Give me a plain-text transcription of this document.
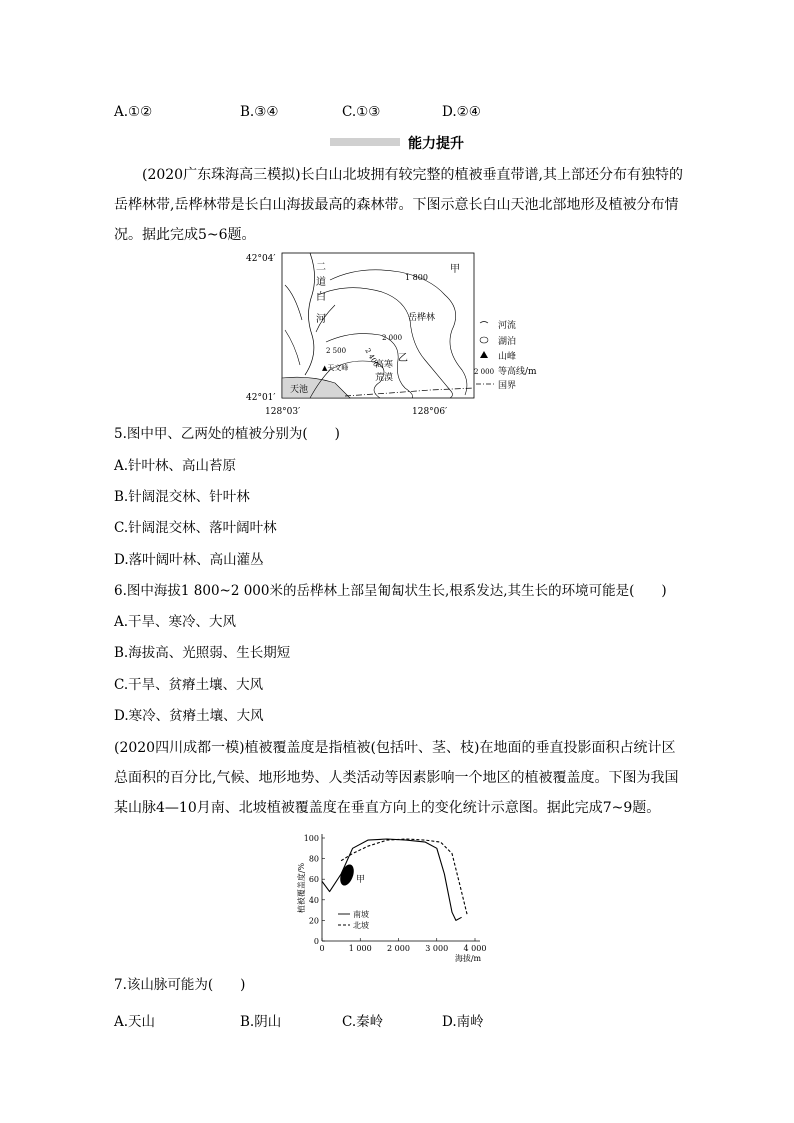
A.①②	B.③④	C.①③	D.②④
能力提升
(2020广东珠海高三模拟)长白山北坡拥有较完整的植被垂直带谱,其上部还分布有独特的岳桦林带,岳桦林带是长白山海拔最高的森林带。下图示意长白山天池北部地形及植被分布情况。据此完成5~6题。
42°04′
42°01′
128°03′	128°06′
二
道
白
河
1 800
甲
岳桦林
2 000
2 400
2 500
乙
▲天文峰	高寒
荒漠
天池
河流
湖泊
山峰
2 000 等高线/m
国界
5.图中甲、乙两处的植被分别为(　　)
A.针叶林、高山苔原
B.针阔混交林、针叶林
C.针阔混交林、落叶阔叶林
D.落叶阔叶林、高山灌丛
6.图中海拔1 800~2 000米的岳桦林上部呈匍匐状生长,根系发达,其生长的环境可能是(　　)
A.干旱、寒冷、大风
B.海拔高、光照弱、生长期短
C.干旱、贫瘠土壤、大风
D.寒冷、贫瘠土壤、大风
(2020四川成都一模)植被覆盖度是指植被(包括叶、茎、枝)在地面的垂直投影面积占统计区总面积的百分比,气候、地形地势、人类活动等因素影响一个地区的植被覆盖度。下图为我国某山脉4—10月南、北坡植被覆盖度在垂直方向上的变化统计示意图。据此完成7~9题。
0	1 000 2 000 3 000 4 000
0
20
40
60
80
100
植被覆盖度/%
海拔/m
甲
南坡
北坡
7.该山脉可能为(　　)
A.天山	B.阴山	C.秦岭	D.南岭
